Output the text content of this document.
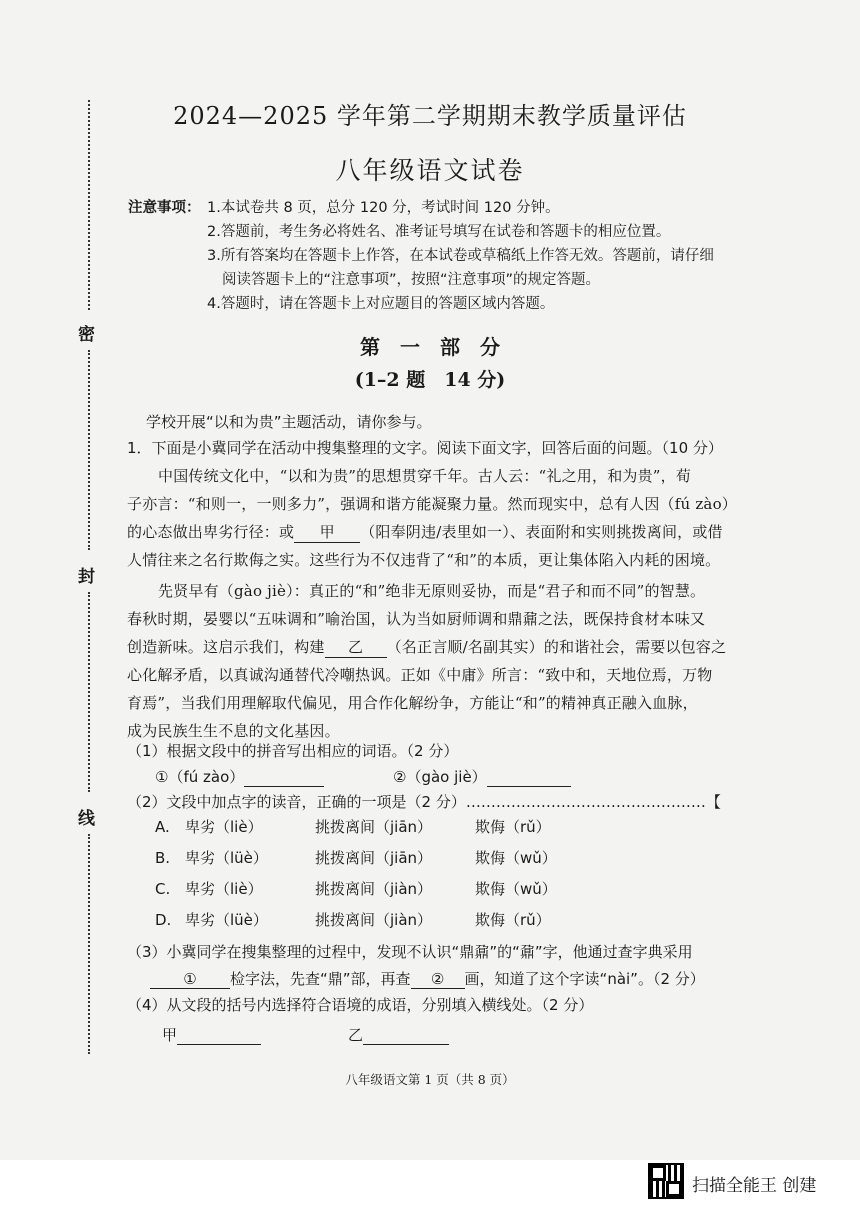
密
封
线
2024—2025 学年第二学期期末教学质量评估
八年级语文试卷
注意事项： 1.本试卷共 8 页，总分 120 分，考试时间 120 分钟。
2.答题前，考生务必将姓名、准考证号填写在试卷和答题卡的相应位置。
3.所有答案均在答题卡上作答，在本试卷或草稿纸上作答无效。答题前，请仔细
阅读答题卡上的“注意事项”，按照“注意事项”的规定答题。
4.答题时，请在答题卡上对应题目的答题区域内答题。
第　一　部　分
(1–2 题　14 分)
学校开展“以和为贵”主题活动，请你参与。
1．下面是小冀同学在活动中搜集整理的文字。阅读下面文字，回答后面的问题。（10 分）
中国传统文化中，“以和为贵”的思想贯穿千年。古人云：“礼之用，和为贵”，荀
子亦言：“和则一，一则多力”，强调和谐方能凝聚力量。然而现实中，总有人因（fú zào）
的心态做出卑劣行径：或 甲 （阳奉阴违/表里如一）、表面附和实则挑拨离间，或借
人情往来之名行欺侮之实。这些行为不仅违背了“和”的本质，更让集体陷入内耗的困境。
先贤早有（gào jiè）：真正的“和”绝非无原则妥协，而是“君子和而不同”的智慧。
春秋时期，晏婴以“五味调和”喻治国，认为当如厨师调和鼎鼐之法，既保持食材本味又
创造新味。这启示我们，构建 乙 （名正言顺/名副其实）的和谐社会，需要以包容之
心化解矛盾，以真诚沟通替代冷嘲热讽。正如《中庸》所言：“致中和，天地位焉，万物
育焉”，当我们用理解取代偏见，用合作化解纷争，方能让“和”的精神真正融入血脉，
成为民族生生不息的文化基因。
（1）根据文段中的拼音写出相应的词语。（2 分）
①（fú zào）	②（gào jiè）
（2）文段中加点字的读音，正确的一项是（2 分）…………………………………………【
A. 卑劣（liè）	挑拨离间（jiān）	欺侮（rǔ）
B. 卑劣（lüè）	挑拨离间（jiān）	欺侮（wǔ）
C. 卑劣（liè）	挑拨离间（jiàn）	欺侮（wǔ）
D. 卑劣（lüè）	挑拨离间（jiàn）	欺侮（rǔ）
（3）小冀同学在搜集整理的过程中，发现不认识“鼎鼐”的“鼐”字，他通过查字典采用
① 检字法，先查“鼎”部，再查 ② 画，知道了这个字读“nài”。（2 分）
（4）从文段的括号内选择符合语境的成语，分别填入横线处。（2 分）
甲	乙
八年级语文第 1 页（共 8 页）
扫描全能王 创建
